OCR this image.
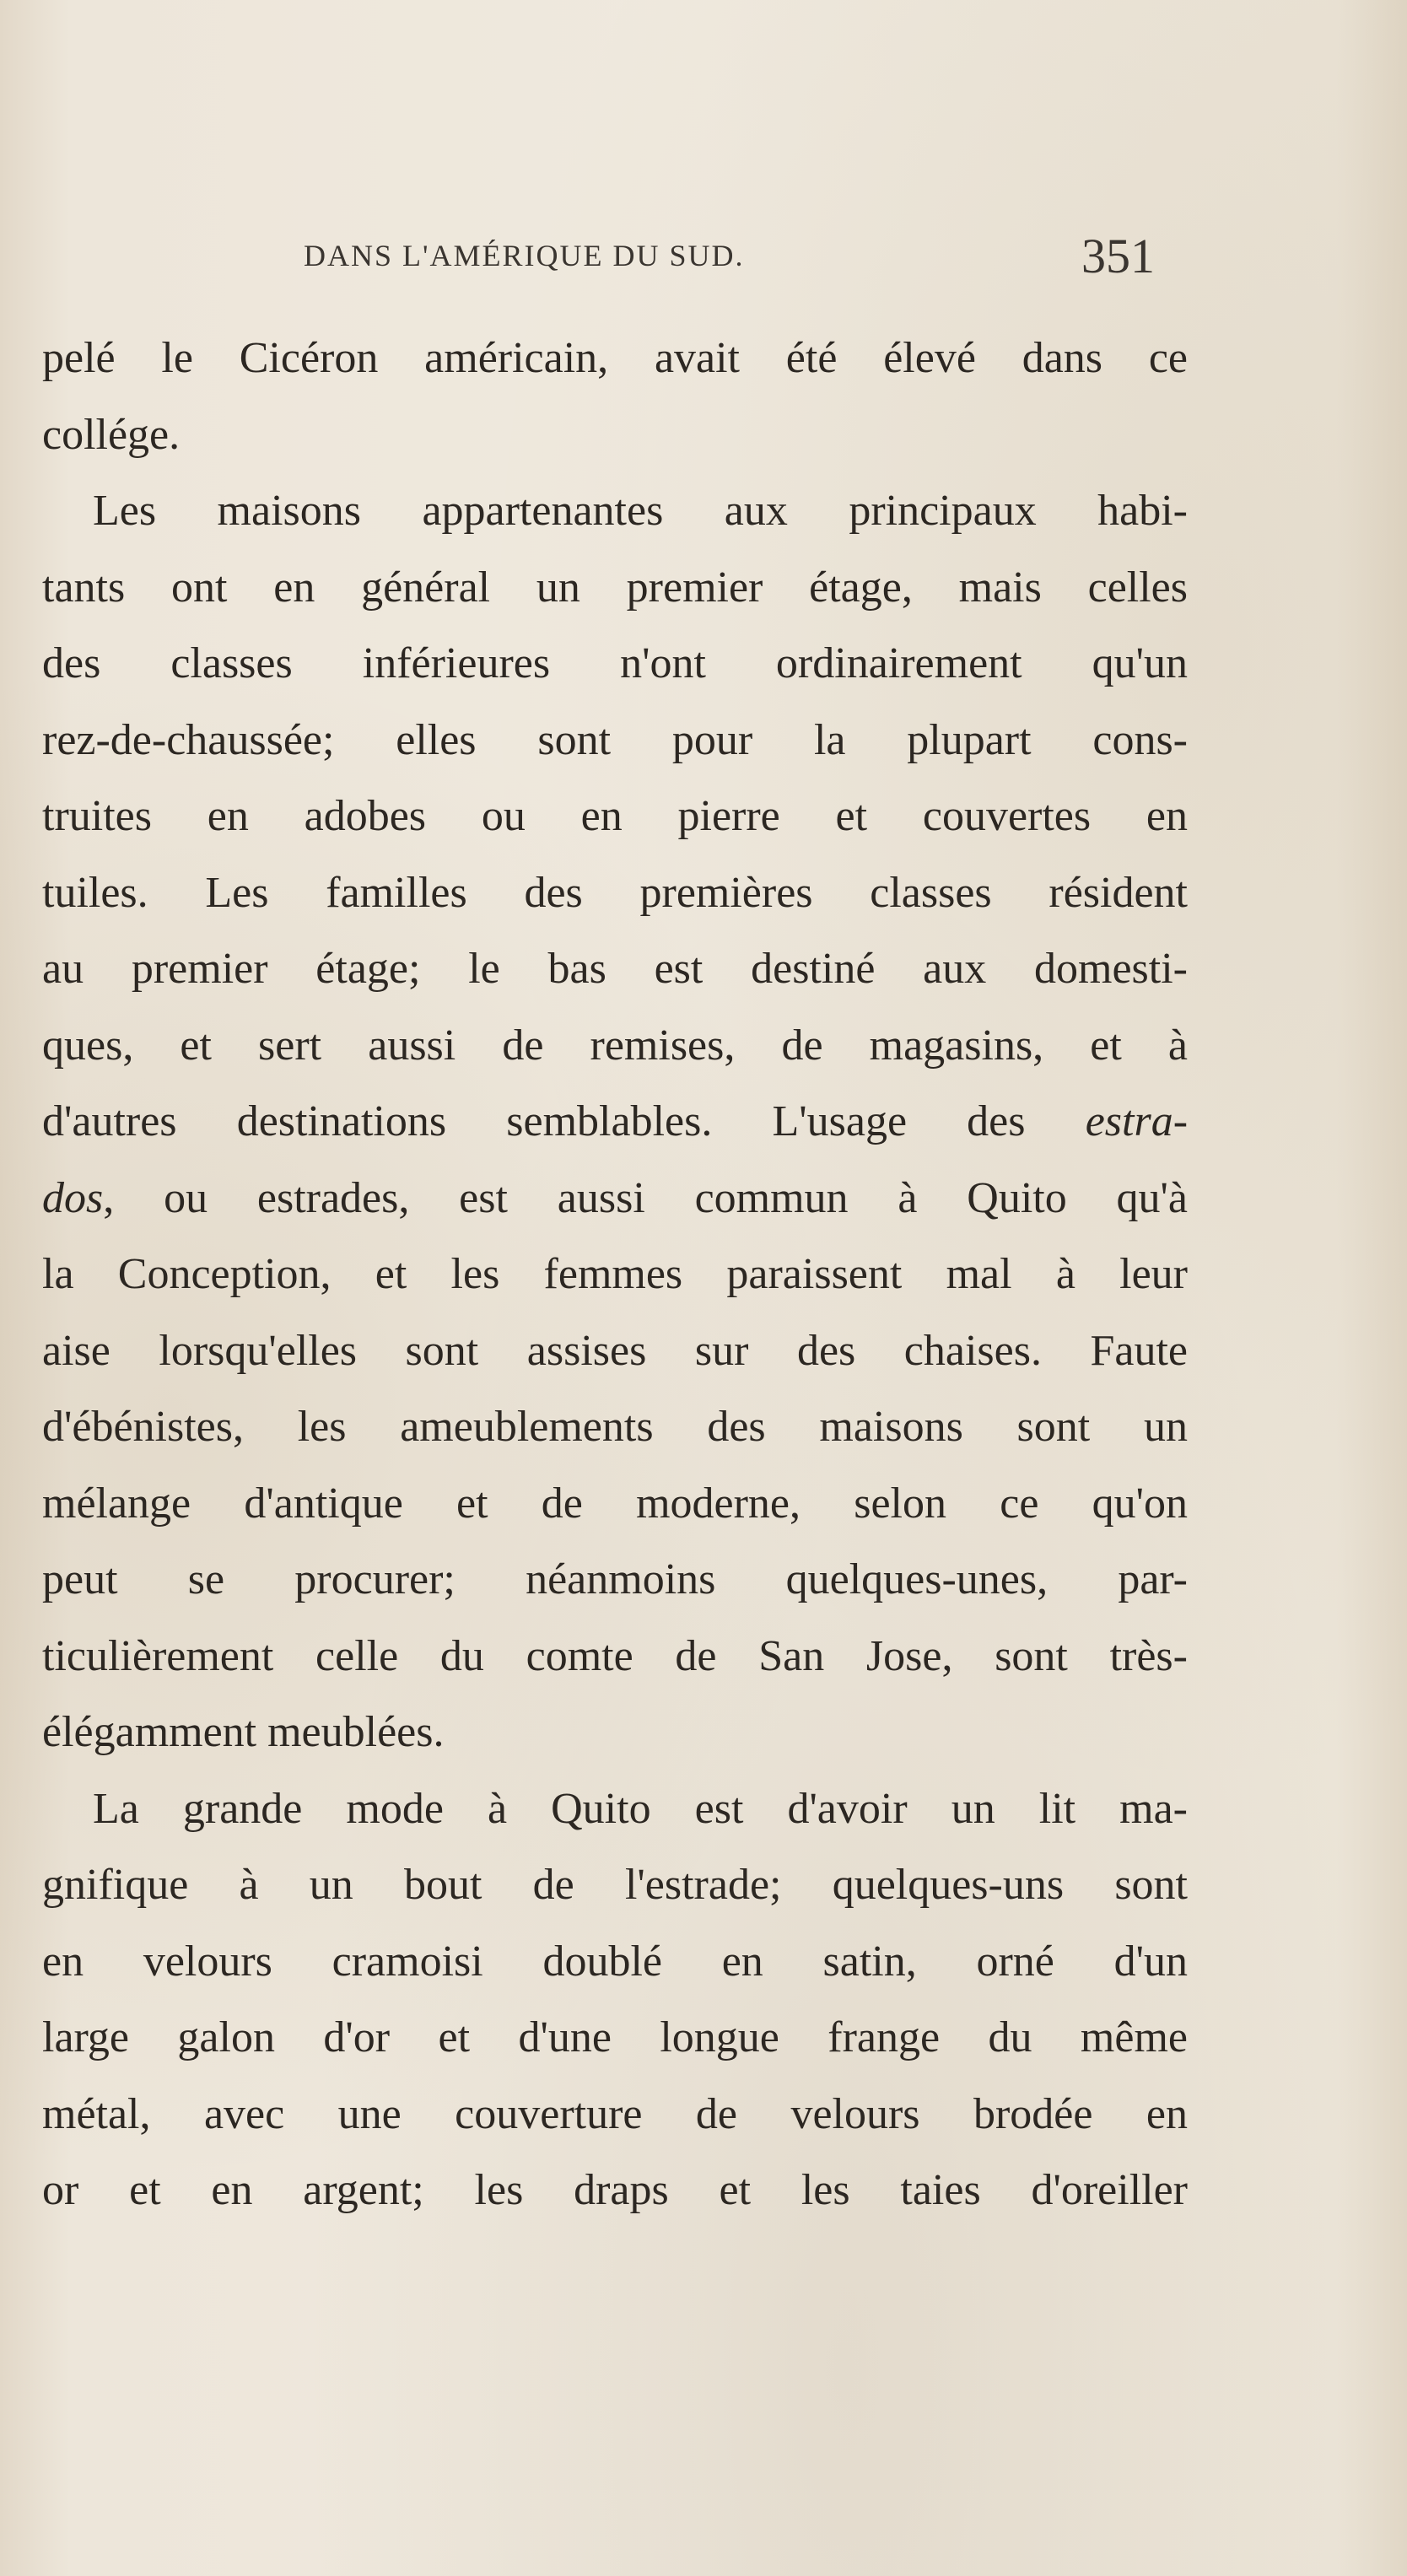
DANS L'AMÉRIQUE DU SUD.	351

pelé le Cicéron américain, avait été élevé dans ce
collége.

Les maisons appartenantes aux principaux habi-
tants ont en général un premier étage, mais celles
des classes inférieures n'ont ordinairement qu'un
rez-de-chaussée; elles sont pour la plupart cons-
truites en adobes ou en pierre et couvertes en
tuiles. Les familles des premières classes résident
au premier étage; le bas est destiné aux domesti-
ques, et sert aussi de remises, de magasins, et à
d'autres destinations semblables. L'usage des estra-
dos, ou estrades, est aussi commun à Quito qu'à
la Conception, et les femmes paraissent mal à leur
aise lorsqu'elles sont assises sur des chaises. Faute
d'ébénistes, les ameublements des maisons sont un
mélange d'antique et de moderne, selon ce qu'on
peut se procurer; néanmoins quelques-unes, par-
ticulièrement celle du comte de San Jose, sont très-
élégamment meublées.

La grande mode à Quito est d'avoir un lit ma-
gnifique à un bout de l'estrade; quelques-uns sont
en velours cramoisi doublé en satin, orné d'un
large galon d'or et d'une longue frange du même
métal, avec une couverture de velours brodée en
or et en argent; les draps et les taies d'oreiller
